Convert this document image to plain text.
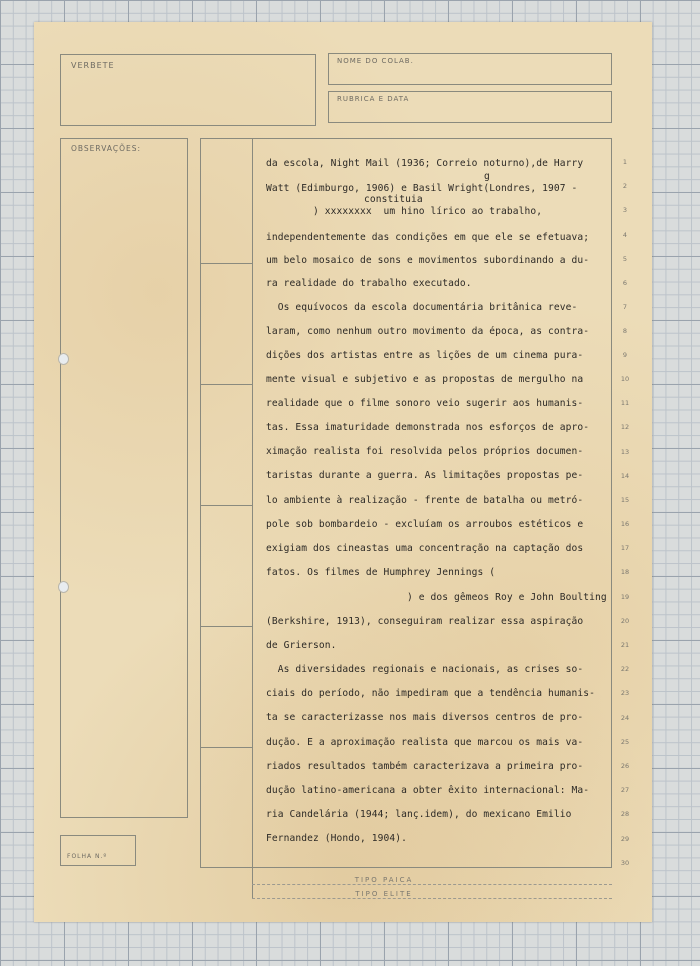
VERBETE	NOME DO COLAB.
RUBRICA E DATA
OBSERVAÇÕES:
FOLHA N.º
TIPO PAICA
TIPO ELITE
da escola, Night Mail (1936; Correio noturno),de Harry
Watt (Edimburgo, 1906) e Basil Wright(Londres, 1907 -
) xxxxxxxx  um hino lírico ao trabalho,
independentemente das condições em que ele se efetuava;
um belo mosaico de sons e movimentos subordinando a du-
ra realidade do trabalho executado.
Os equívocos da escola documentária britânica reve-
laram, como nenhum outro movimento da época, as contra-
dições dos artistas entre as lições de um cinema pura-
mente visual e subjetivo e as propostas de mergulho na
realidade que o filme sonoro veio sugerir aos humanis-
tas. Essa imaturidade demonstrada nos esforços de apro-
ximação realista foi resolvida pelos próprios documen-
taristas durante a guerra. As limitações propostas pe-
lo ambiente à realização - frente de batalha ou metró-
pole sob bombardeio - excluíam os arroubos estéticos e
exigiam dos cineastas uma concentração na captação dos
fatos. Os filmes de Humphrey Jennings (
) e dos gêmeos Roy e John Boulting
(Berkshire, 1913), conseguiram realizar essa aspiração
de Grierson.
As diversidades regionais e nacionais, as crises so-
ciais do período, não impediram que a tendência humanis-
ta se caracterizasse nos mais diversos centros de pro-
dução. E a aproximação realista que marcou os mais va-
riados resultados também caracterizava a primeira pro-
dução latino-americana a obter êxito internacional: Ma-
ria Candelária (1944; lanç.idem), do mexicano Emilio
Fernandez (Hondo, 1904).
g
constituia
1
2
3
4
5
6
7
8
9
10
11
12
13
14
15
16
17
18
19
20
21
22
23
24
25
26
27
28
29
30
